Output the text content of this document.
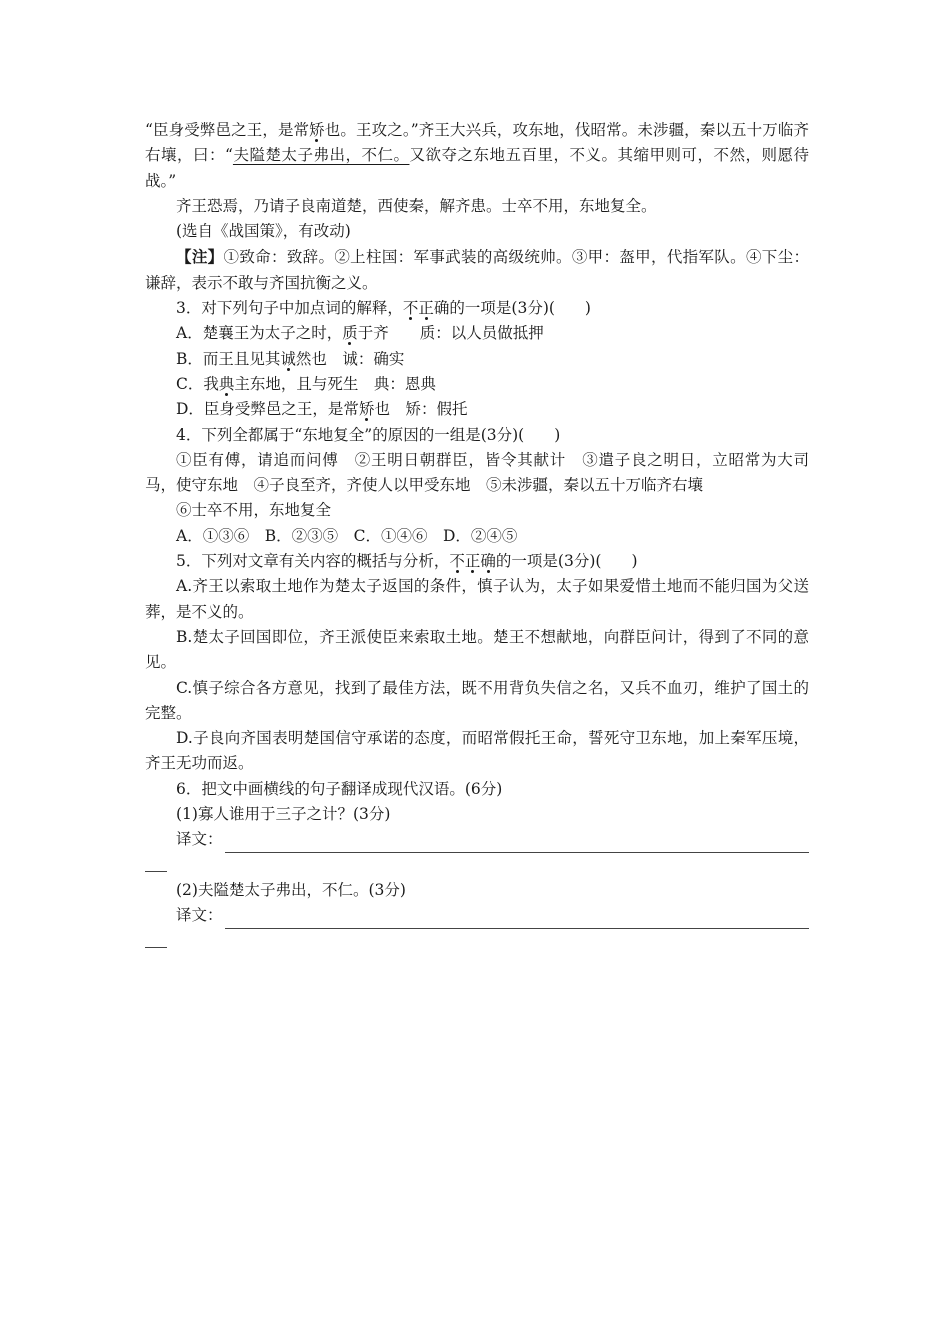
“臣身受弊邑之王，是常矫也。王攻之。”齐王大兴兵，攻东地，伐昭常。未涉疆，秦以五十万临齐右壤，曰：“夫隘楚太子弗出，不仁。又欲夺之东地五百里，不义。其缩甲则可，不然，则愿待战。”

齐王恐焉，乃请子良南道楚，西使秦，解齐患。士卒不用，东地复全。

(选自《战国策》，有改动)

【注】①致命：致辞。②上柱国：军事武装的高级统帅。③甲：盔甲，代指军队。④下尘：谦辞，表示不敢与齐国抗衡之义。

3．对下列句子中加点词的解释，不正确的一项是(3分)( )

A．楚襄王为太子之时，质于齐　　质：以人员做抵押

B．而王且见其诚然也　诚：确实

C．我典主东地，且与死生　典：恩典

D．臣身受弊邑之王，是常矫也　矫：假托

4．下列全都属于“东地复全”的原因的一组是(3分)( )

①臣有傅，请追而问傅　②王明日朝群臣，皆令其献计　③遣子良之明日，立昭常为大司马，使守东地　④子良至齐，齐使人以甲受东地　⑤未涉疆，秦以五十万临齐右壤

⑥士卒不用，东地复全

A．①③⑥　B．②③⑤　C．①④⑥　D．②④⑤

5．下列对文章有关内容的概括与分析，不正确的一项是(3分)( )

A.齐王以索取土地作为楚太子返国的条件，慎子认为，太子如果爱惜土地而不能归国为父送葬，是不义的。

B.楚太子回国即位，齐王派使臣来索取土地。楚王不想献地，向群臣问计，得到了不同的意见。

C.慎子综合各方意见，找到了最佳方法，既不用背负失信之名，又兵不血刃，维护了国土的完整。

D.子良向齐国表明楚国信守承诺的态度，而昭常假托王命，誓死守卫东地，加上秦军压境，齐王无功而返。

6．把文中画横线的句子翻译成现代汉语。(6分)

(1)寡人谁用于三子之计？(3分)

译文：

(2)夫隘楚太子弗出，不仁。(3分)

译文：
